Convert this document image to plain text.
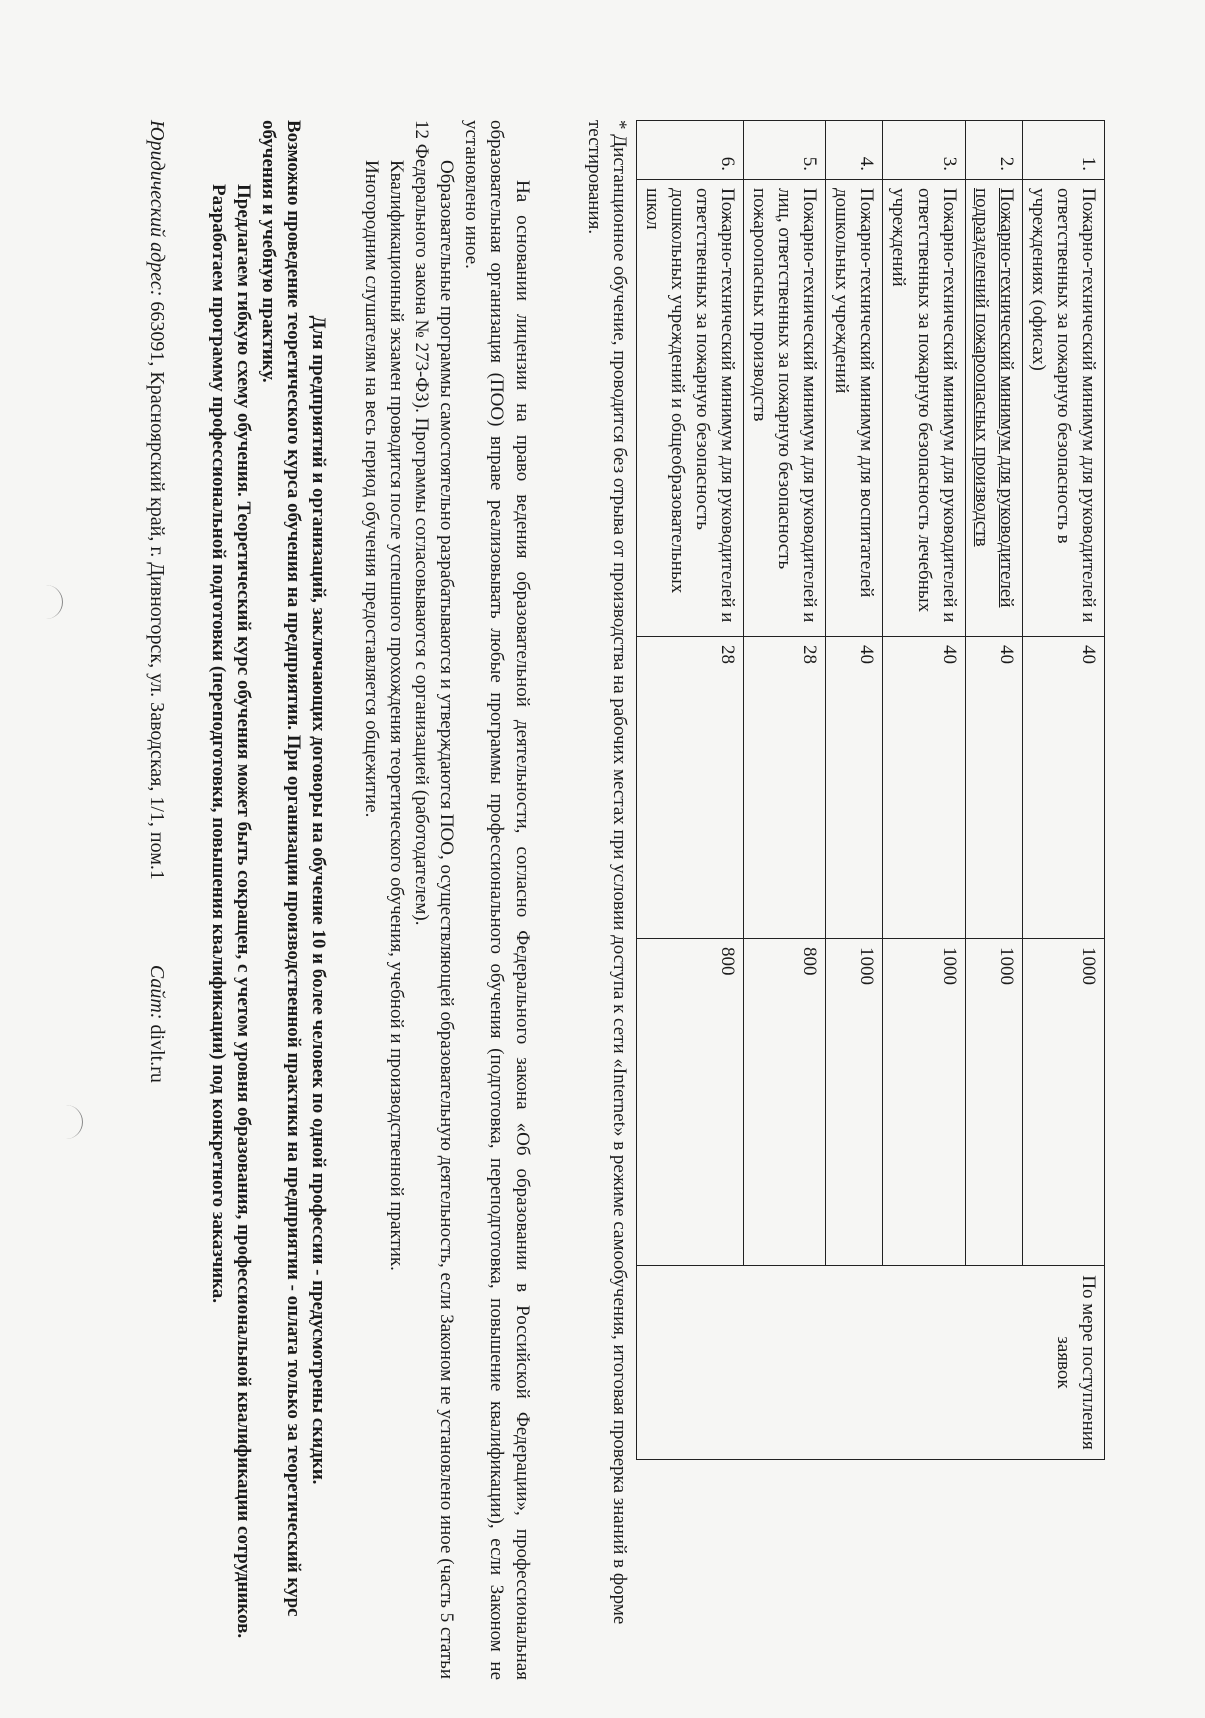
1.	Пожарно-технический минимум для руководителей и ответственных за пожарную безопасность в учреждениях (офисах)	40	1000	По мере поступления заявок
2.	Пожарно-технический минимум для руководителей подразделений пожароопасных производств	40	1000	
3.	Пожарно-технический минимум для руководителей и ответственных за пожарную безопасность лечебных учреждений	40	1000	
4.	Пожарно-технический минимум для воспитателей дошкольных учреждений	40	1000	
5.	Пожарно-технический минимум для руководителей и лиц, ответственных за пожарную безопасность пожароопасных производств	28	800	
6.	Пожарно-технический минимум для руководителей и ответственных за пожарную безопасность дошкольных учреждений и общеобразовательных школ	28	800	

* Дистанционное обучение, проводится без отрыва от производства на рабочих местах при условии доступа к сети «Internet» в режиме самообучения, итоговая проверка знаний в форме тестирования.

На основании лицензии на право ведения образовательной деятельности, согласно Федерального закона «Об образовании в Российской Федерации», профессиональная образовательная организация (ПОО) вправе реализовывать любые программы профессионального обучения (подготовка, переподготовка, повышение квалификации), если Законом не установлено иное.

Образовательные программы самостоятельно разрабатываются и утверждаются ПОО, осуществляющей образовательную деятельность, если Законом не установлено иное (часть 5 статьи 12 Федерального закона № 273-ФЗ). Программы согласовываются с организацией (работодателем).

Квалификационный экзамен проводится после успешного прохождения теоретического обучения, учебной и производственной практик.

Иногородним слушателям на весь период обучения предоставляется общежитие.

Для предприятий и организаций, заключающих договоры на обучение 10 и более человек по одной профессии - предусмотрены скидки.

Возможно проведение теоретического курса обучения на предприятии. При организации производственной практики на предприятии - оплата только за теоретический курс обучения и учебную практику.

Предлагаем гибкую схему обучения. Теоретический курс обучения может быть сокращен, с учетом уровня образования, профессиональной квалификации сотрудников.

Разработаем программу профессиональной подготовки (переподготовки, повышения квалификации) под конкретного заказчика.

Юридический адрес: 663091, Красноярский край, г. Дивногорск, ул. Заводская, 1/1, пом.1 Сайт: divlt.ru
